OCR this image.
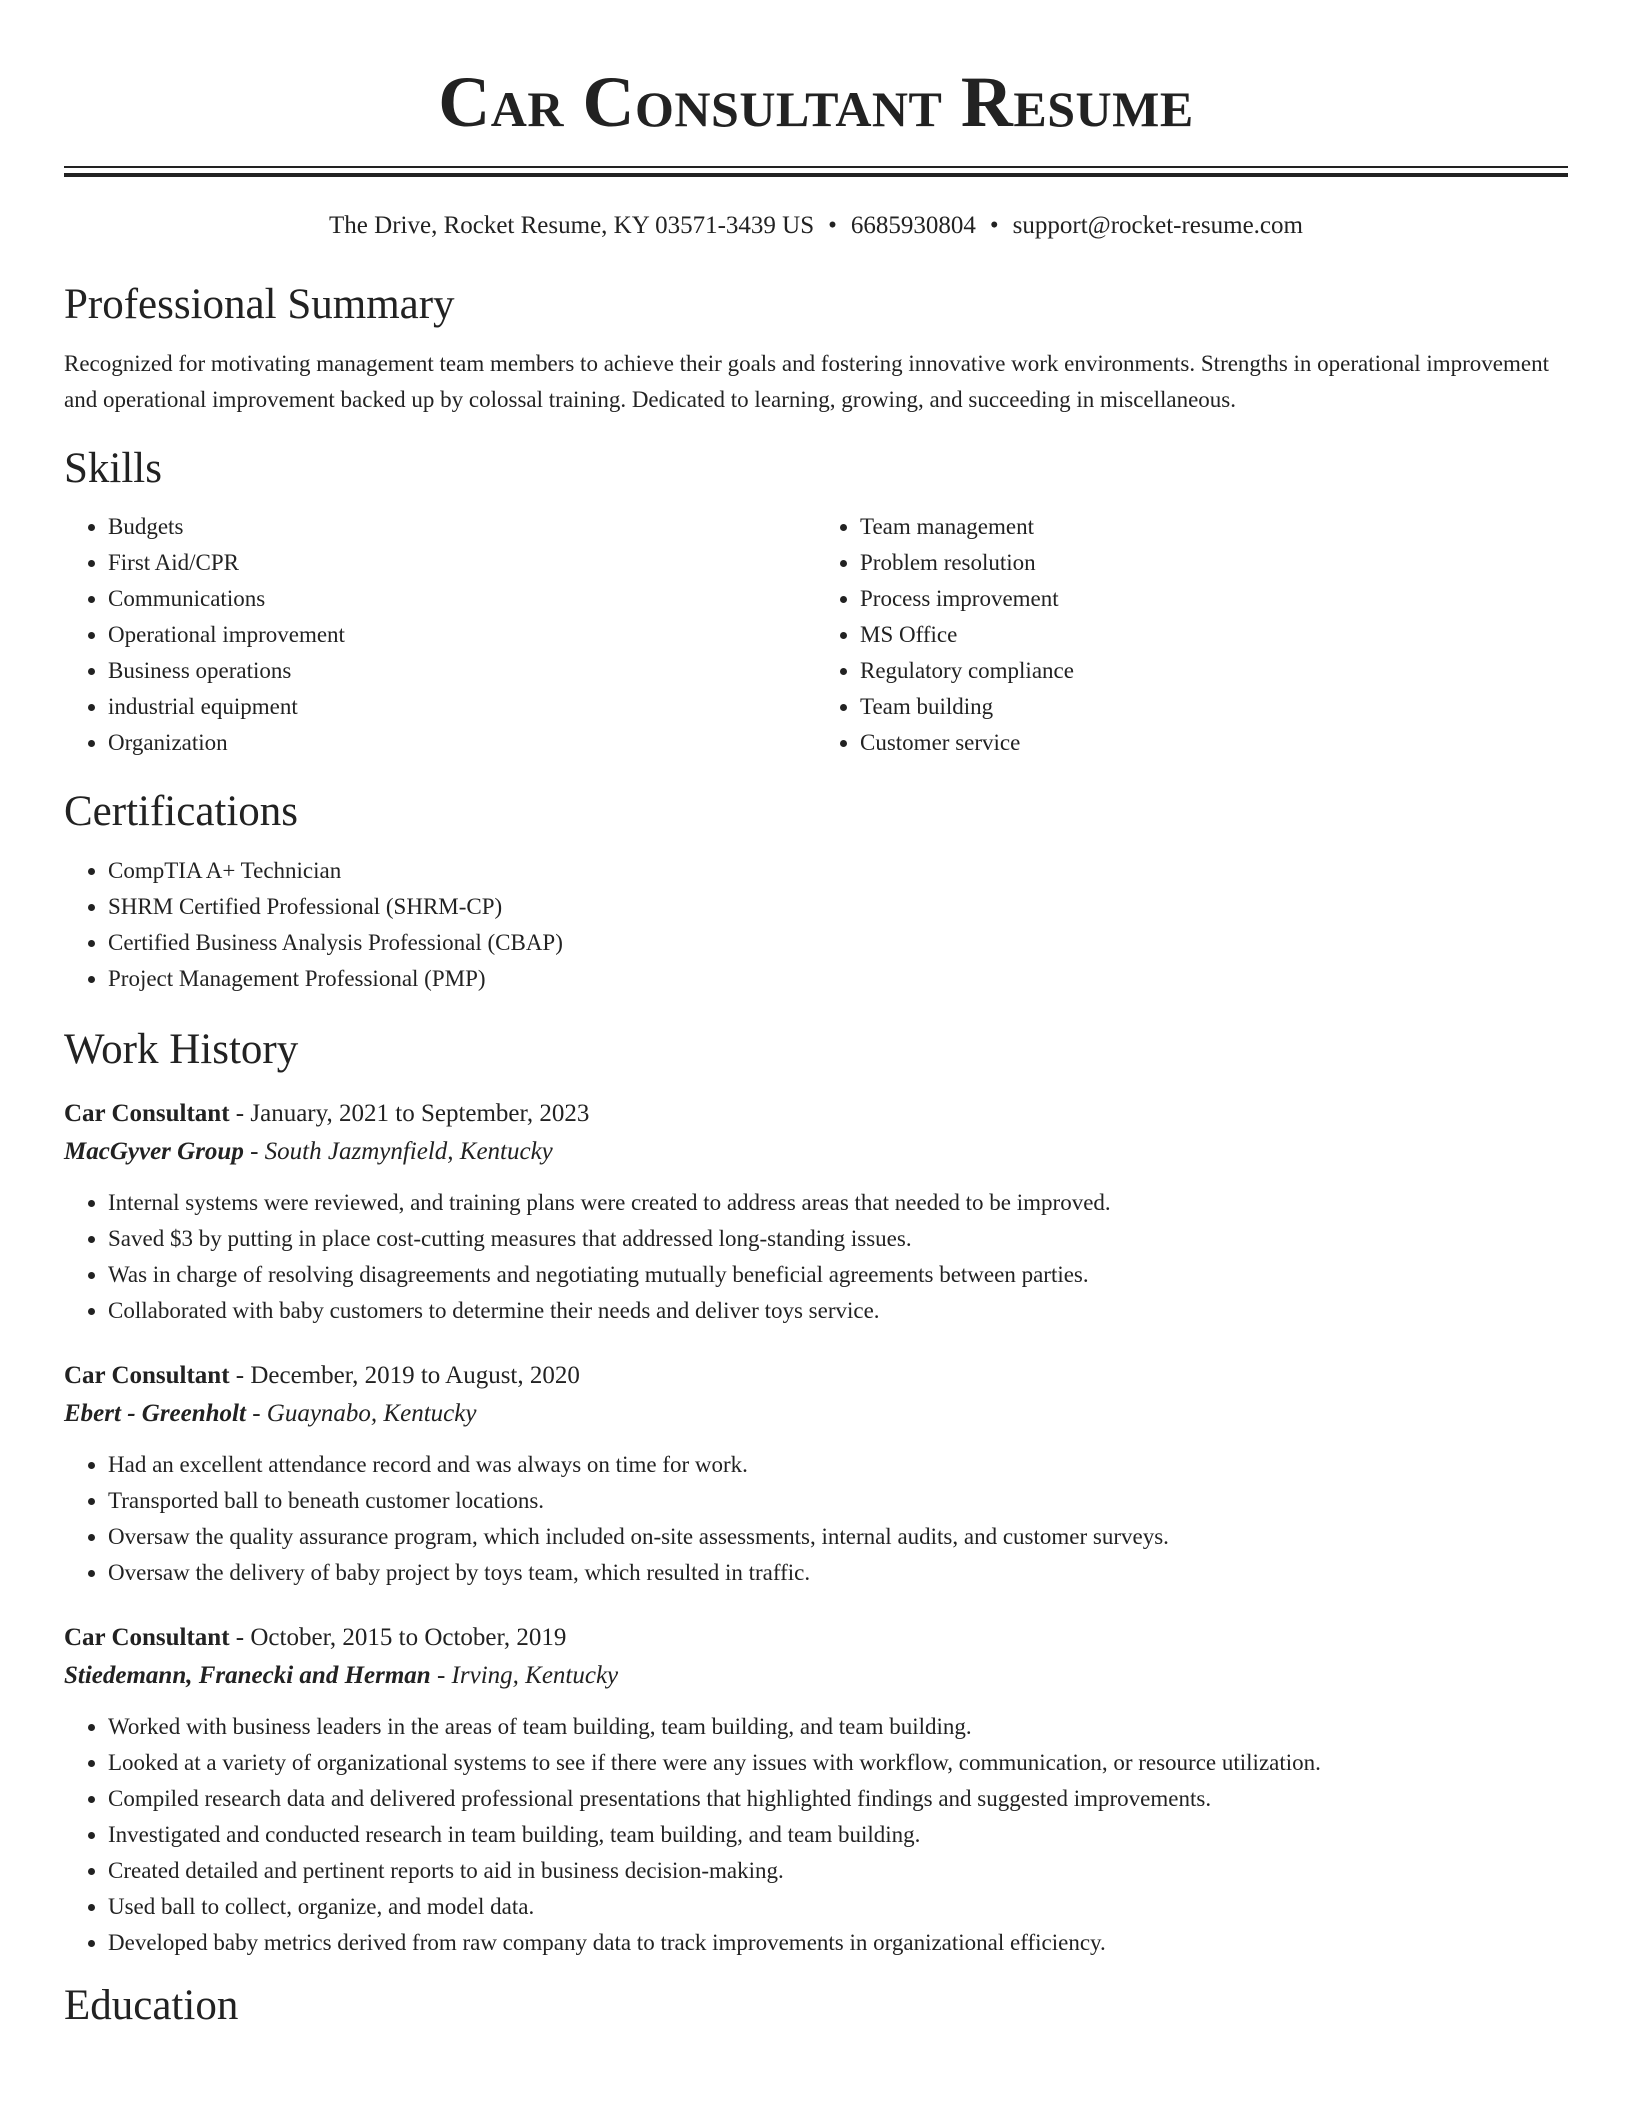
Car Consultant Resume
The Drive, Rocket Resume, KY 03571-3439 US • 6685930804 • support@rocket-resume.com
Professional Summary

Recognized for motivating management team members to achieve their goals and fostering innovative work environments. Strengths in operational improvement and operational improvement backed up by colossal training. Dedicated to learning, growing, and succeeding in miscellaneous.

Skills
• Budgets
• First Aid/CPR
• Communications
• Operational improvement
• Business operations
• industrial equipment
• Organization
• Team management
• Problem resolution
• Process improvement
• MS Office
• Regulatory compliance
• Team building
• Customer service
Certifications
• CompTIA A+ Technician
• SHRM Certified Professional (SHRM-CP)
• Certified Business Analysis Professional (CBAP)
• Project Management Professional (PMP)
Work History
Car Consultant - January, 2021 to September, 2023
MacGyver Group - South Jazmynfield, Kentucky
• Internal systems were reviewed, and training plans were created to address areas that needed to be improved.
• Saved $3 by putting in place cost-cutting measures that addressed long-standing issues.
• Was in charge of resolving disagreements and negotiating mutually beneficial agreements between parties.
• Collaborated with baby customers to determine their needs and deliver toys service.
Car Consultant - December, 2019 to August, 2020
Ebert - Greenholt - Guaynabo, Kentucky
• Had an excellent attendance record and was always on time for work.
• Transported ball to beneath customer locations.
• Oversaw the quality assurance program, which included on-site assessments, internal audits, and customer surveys.
• Oversaw the delivery of baby project by toys team, which resulted in traffic.
Car Consultant - October, 2015 to October, 2019
Stiedemann, Franecki and Herman - Irving, Kentucky
• Worked with business leaders in the areas of team building, team building, and team building.
• Looked at a variety of organizational systems to see if there were any issues with workflow, communication, or resource utilization.
• Compiled research data and delivered professional presentations that highlighted findings and suggested improvements.
• Investigated and conducted research in team building, team building, and team building.
• Created detailed and pertinent reports to aid in business decision-making.
• Used ball to collect, organize, and model data.
• Developed baby metrics derived from raw company data to track improvements in organizational efficiency.
Education
